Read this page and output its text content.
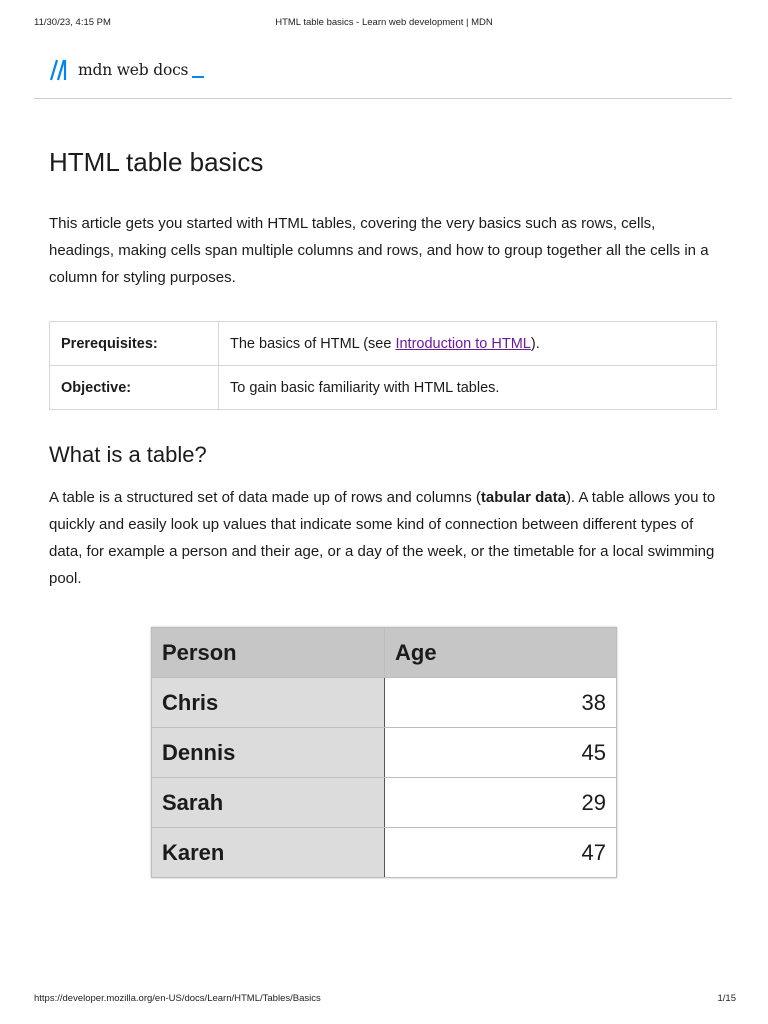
11/30/23, 4:15 PM	HTML table basics - Learn web development | MDN
mdn web docs
HTML table basics

This article gets you started with HTML tables, covering the very basics such as rows, cells, headings, making cells span multiple columns and rows, and how to group together all the cells in a column for styling purposes.

Prerequisites:	The basics of HTML (see Introduction to HTML).
Objective:	To gain basic familiarity with HTML tables.
What is a table?

A table is a structured set of data made up of rows and columns (tabular data). A table allows you to quickly and easily look up values that indicate some kind of connection between different types of data, for example a person and their age, or a day of the week, or the timetable for a local swimming pool.

Person	Age
Chris	38
Dennis	45
Sarah	29
Karen	47
https://developer.mozilla.org/en-US/docs/Learn/HTML/Tables/Basics	1/15
